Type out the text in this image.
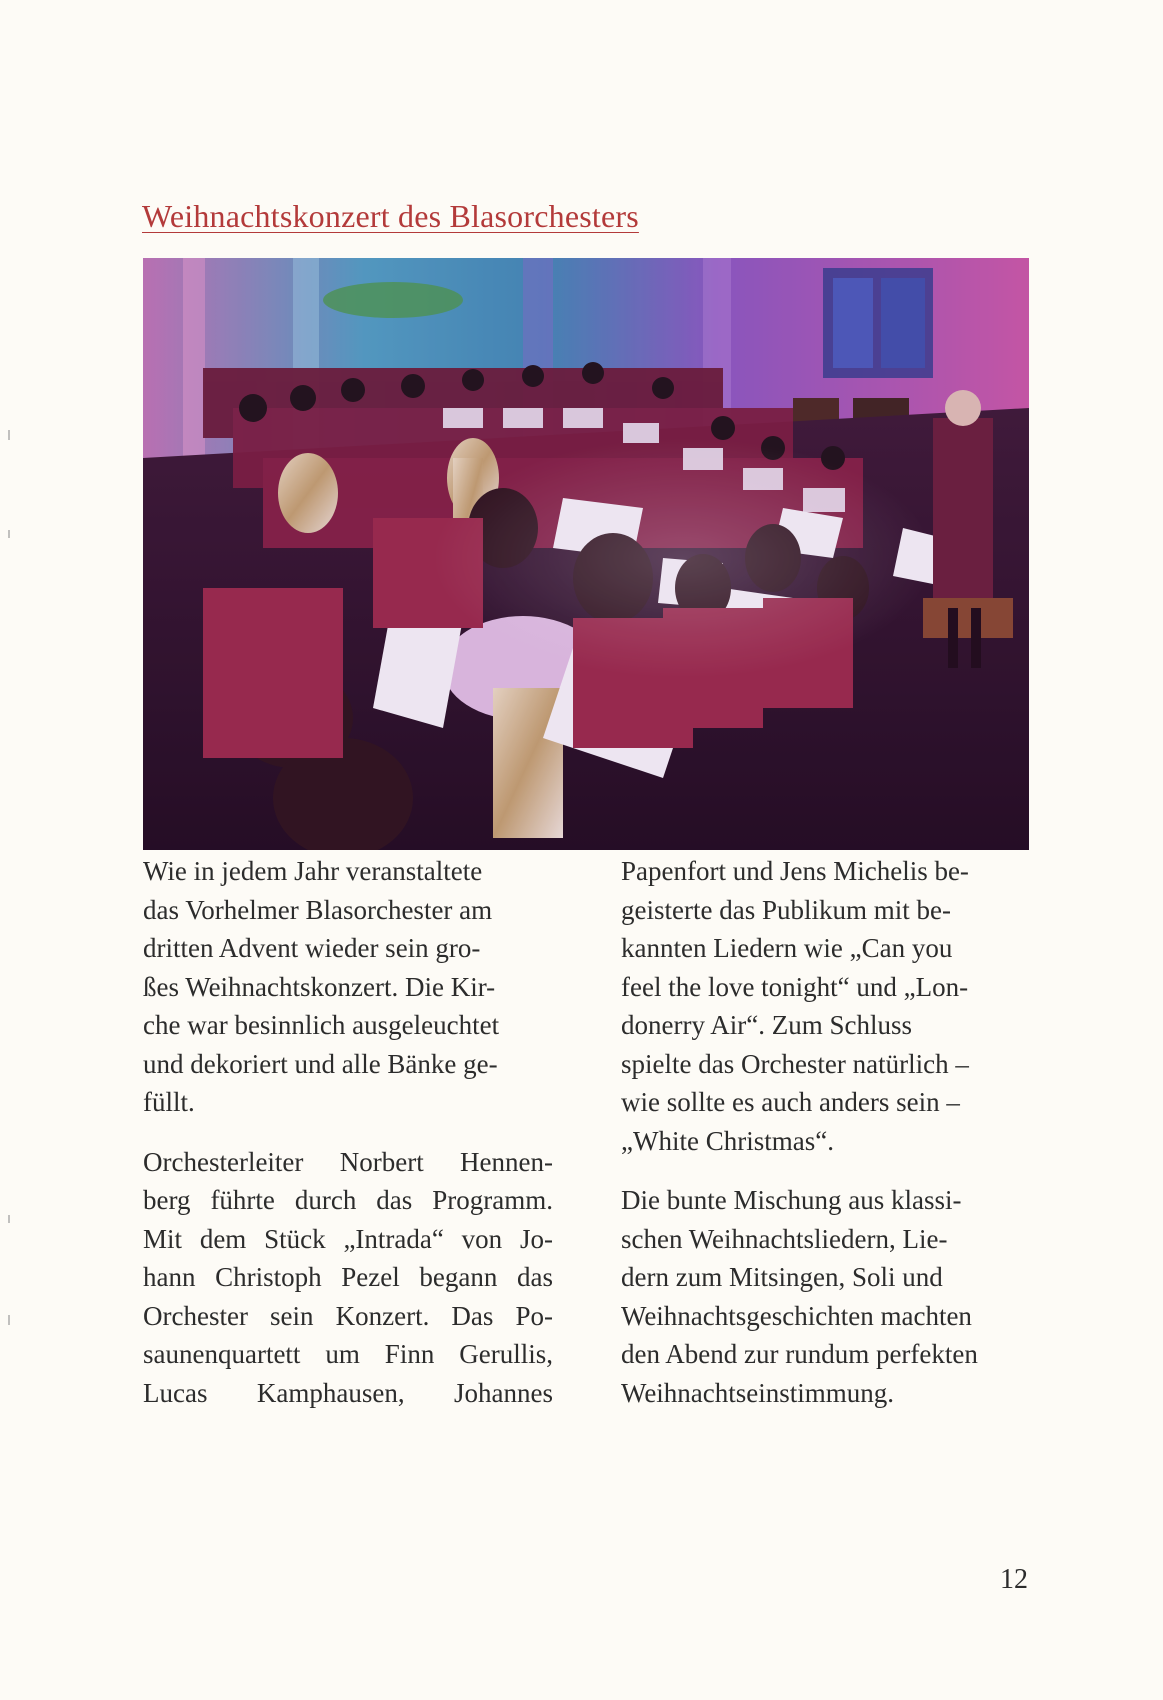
Weihnachtskonzert des Blasorchesters

Wie in jedem Jahr veranstaltete
das Vorhelmer Blasorchester am
dritten Advent wieder sein gro-
ßes Weihnachtskonzert. Die Kir-
che war besinnlich ausgeleuchtet
und dekoriert und alle Bänke ge-
füllt.

Orchesterleiter Norbert Hennen-
berg führte durch das Programm.
Mit dem Stück „Intrada“ von Jo-
hann Christoph Pezel begann das
Orchester sein Konzert. Das Po-
saunenquartett um Finn Gerullis,
Lucas Kamphausen, Johannes

Papenfort und Jens Michelis be-
geisterte das Publikum mit be-
kannten Liedern wie „Can you
feel the love tonight“ und „Lon-
donerry Air“. Zum Schluss
spielte das Orchester natürlich –
wie sollte es auch anders sein –
„White Christmas“.

Die bunte Mischung aus klassi-
schen Weihnachtsliedern, Lie-
dern zum Mitsingen, Soli und
Weihnachtsgeschichten machten
den Abend zur rundum perfekten
Weihnachtseinstimmung.

12
